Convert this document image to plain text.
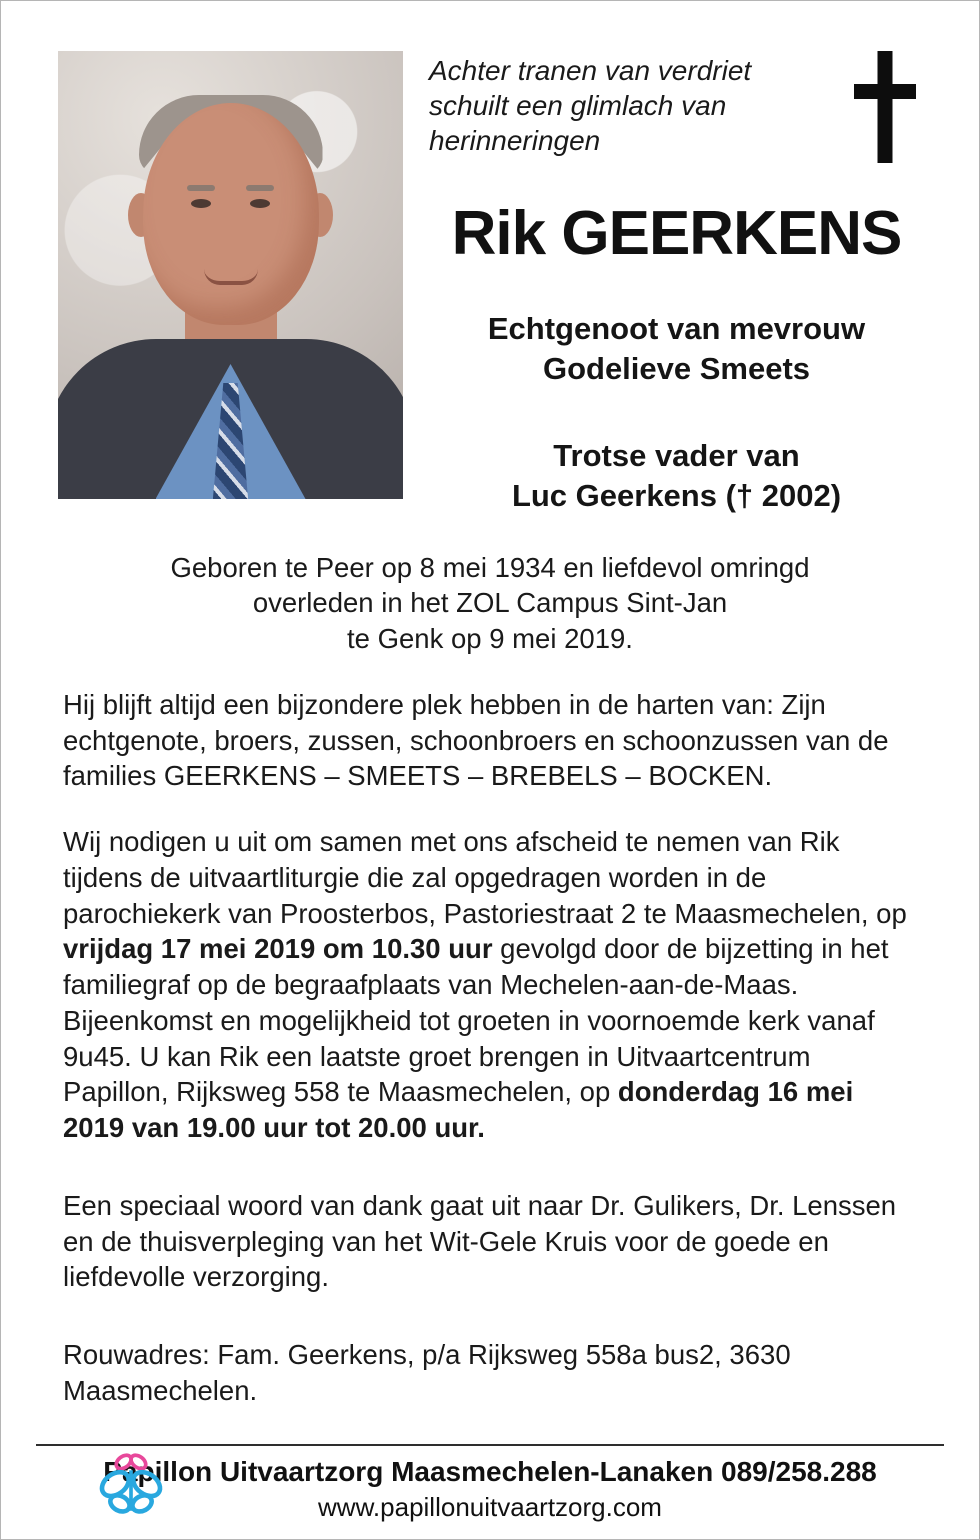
Achter tranen van verdriet
schuilt een glimlach van
herinneringen
Rik GEERKENS
Echtgenoot van mevrouw
Godelieve Smeets
Trotse vader van
Luc Geerkens († 2002)
Geboren te Peer op 8 mei 1934 en liefdevol omringd
overleden in het ZOL Campus Sint-Jan
te Genk op 9 mei 2019.

Hij blijft altijd een bijzondere plek hebben in de harten van: Zijn echtgenote, broers, zussen, schoonbroers en schoonzussen van de families GEERKENS – SMEETS – BREBELS – BOCKEN.

Wij nodigen u uit om samen met ons afscheid te nemen van Rik tijdens de uitvaartliturgie die zal opgedragen worden in de parochiekerk van Proosterbos, Pastoriestraat 2 te Maasmechelen, op vrijdag 17 mei 2019 om 10.30 uur gevolgd door de bijzetting in het familiegraf op de begraafplaats van Mechelen-aan-de-Maas. Bijeenkomst en mogelijkheid tot groeten in voornoemde kerk vanaf 9u45. U kan Rik een laatste groet brengen in Uitvaartcentrum Papillon, Rijksweg 558 te Maasmechelen, op donderdag 16 mei 2019 van 19.00 uur tot 20.00 uur.

Een speciaal woord van dank gaat uit naar Dr. Gulikers, Dr. Lenssen en de thuisverpleging van het Wit-Gele Kruis voor de goede en liefdevolle verzorging.

Rouwadres: Fam. Geerkens, p/a Rijksweg 558a bus2, 3630 Maasmechelen.

Papillon Uitvaartzorg Maasmechelen-Lanaken 089/258.288
www.papillonuitvaartzorg.com
